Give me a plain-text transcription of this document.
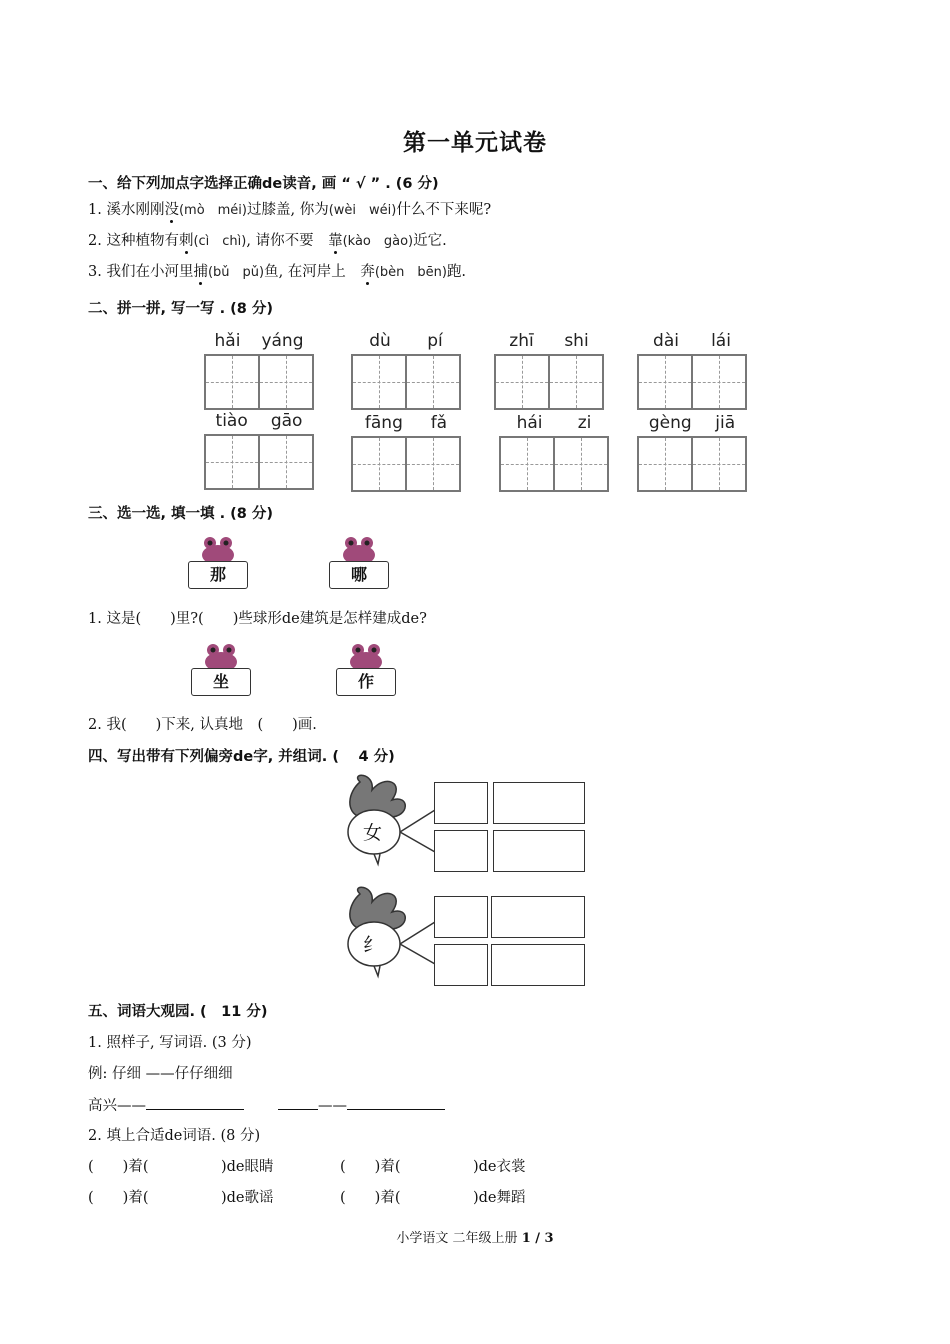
第一单元试卷
一、给下列加点字选择正确de读音, 画 “ √ ” . (6 分)
1. 溪水刚刚没(mò　méi)过膝盖, 你为(wèi　wéi)什么不下来呢?
2. 这种植物有刺(cì　chì), 请你不要　靠(kào　gào)近它.
3. 我们在小河里捕(bǔ　pǔ)鱼, 在河岸上　奔(bèn　bēn)跑.
二、拼一拼, 写一写 . (8 分)
hǎi yáng	dù pí	zhī shi	dài lái
tiào gāo	fāng fǎ	hái zi	gèng jiā
三、选一选, 填一填 . (8 分)
那	哪
1. 这是(　　)里?(　　)些球形de建筑是怎样建成de?
坐	作
2. 我(　　)下来, 认真地　(　　)画.
四、写出带有下列偏旁de字, 并组词. (　 4 分)
女
纟
五、词语大观园. (　11 分)
1. 照样子, 写词语. (3 分)
例: 仔细 ——仔仔细细
高兴——	——
2. 填上合适de词语. (8 分)
(　　)着(　　　　　)de眼睛	(　　)着(　　　　　)de衣裳
(　　)着(　　　　　)de歌谣	(　　)着(　　　　　)de舞蹈
小学语文 二年级上册 1 / 3
